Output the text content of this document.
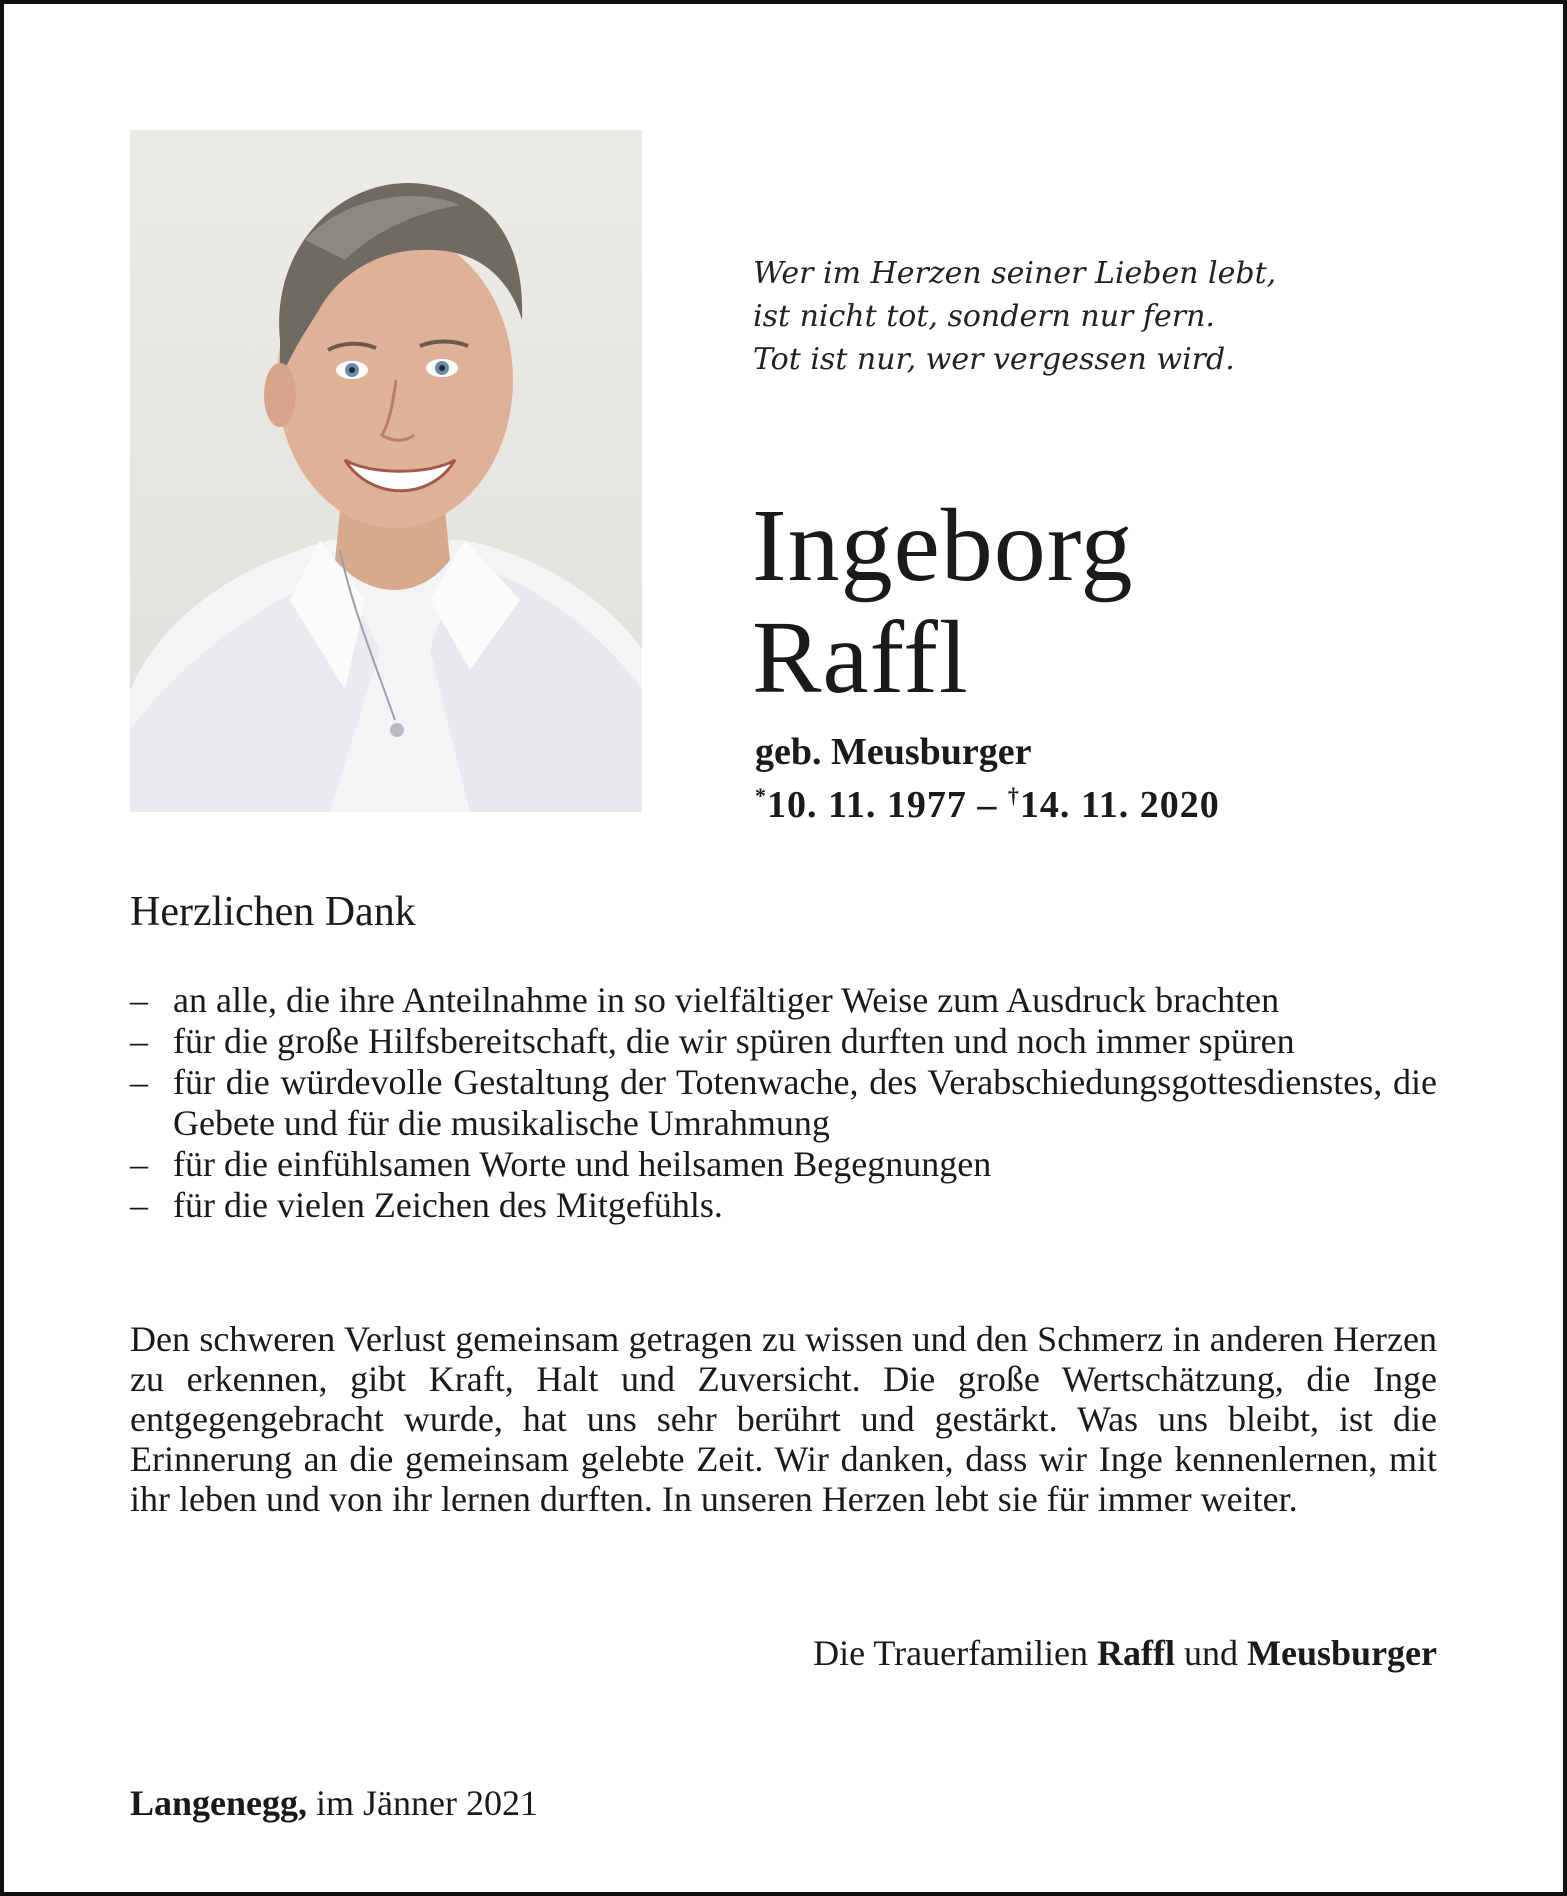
Wer im Herzen seiner Lieben lebt,
ist nicht tot, sondern nur fern.
Tot ist nur, wer vergessen wird.
Ingeborg
Raffl
geb. Meusburger
*10. 11. 1977 – †14. 11. 2020
Herzlichen Dank
– an alle, die ihre Anteilnahme in so vielfältiger Weise zum Ausdruck brachten
– für die große Hilfsbereitschaft, die wir spüren durften und noch immer spüren
– für die würdevolle Gestaltung der Totenwache, des Verabschiedungsgottesdienstes, die Gebete und für die musikalische Umrahmung
– für die einfühlsamen Worte und heilsamen Begegnungen
– für die vielen Zeichen des Mitgefühls.

Den schweren Verlust gemeinsam getragen zu wissen und den Schmerz in anderen Herzen zu erkennen, gibt Kraft, Halt und Zuversicht. Die große Wertschätzung, die Inge entgegengebracht wurde, hat uns sehr berührt und gestärkt. Was uns bleibt, ist die Erinnerung an die gemeinsam gelebte Zeit. Wir danken, dass wir Inge kennenlernen, mit ihr leben und von ihr lernen durften. In unseren Herzen lebt sie für immer weiter.

Die Trauerfamilien Raffl und Meusburger
Langenegg, im Jänner 2021
